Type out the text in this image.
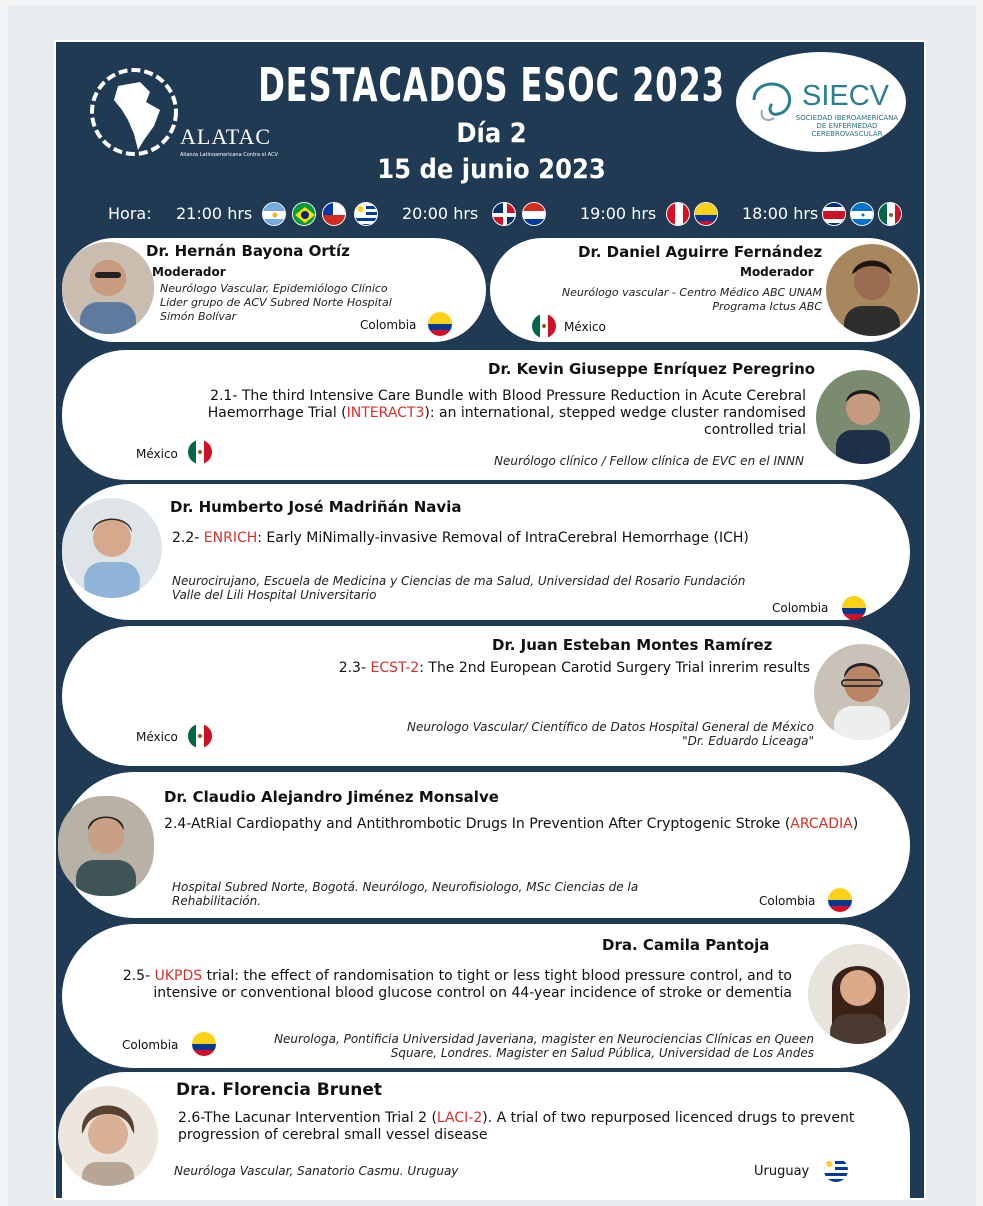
ALATAC
Alianza Latinoamericana Contra el ACV
SIECV
SOCIEDAD IBEROAMERICANA DE ENFERMEDAD CEREBROVASCULAR
DESTACADOS ESOC 2023
Día 2
15 de junio 2023
Hora: 21:00 hrs	20:00 hrs	19:00 hrs	18:00 hrs
Dr. Hernán Bayona Ortíz
Moderador
Neurólogo Vascular, Epidemiólogo Clínico Lider grupo de ACV Subred Norte Hospital Simón Bolívar
Colombia
Dr. Daniel Aguirre Fernández
Moderador
Neurólogo vascular - Centro Médico ABC UNAM Programa Ictus ABC
México
Dr. Kevin Giuseppe Enríquez Peregrino
2.1- The third Intensive Care Bundle with Blood Pressure Reduction in Acute Cerebral Haemorrhage Trial (INTERACT3): an international, stepped wedge cluster randomised controlled trial
México	Neurólogo clínico / Fellow clínica de EVC en el INNN
Dr. Humberto José Madriñán Navia
2.2- ENRICH: Early MiNimally-invasive Removal of IntraCerebral Hemorrhage (ICH)
Neurocirujano, Escuela de Medicina y Ciencias de ma Salud, Universidad del Rosario Fundación Valle del Lili Hospital Universitario
Colombia
Dr. Juan Esteban Montes Ramírez
2.3- ECST-2: The 2nd European Carotid Surgery Trial inrerim results
Neurologo Vascular/ Científico de Datos Hospital General de México "Dr. Eduardo Liceaga"
México
Dr. Claudio Alejandro Jiménez Monsalve
2.4-AtRial Cardiopathy and Antithrombotic Drugs In Prevention After Cryptogenic Stroke (ARCADIA)
Hospital Subred Norte, Bogotá. Neurólogo, Neurofisiologo, MSc Ciencias de la Rehabilitación.	Colombia
Dra. Camila Pantoja
2.5- UKPDS trial: the effect of randomisation to tight or less tight blood pressure control, and to intensive or conventional blood glucose control on 44-year incidence of stroke or dementia
Neurologa, Pontificia Universidad Javeriana, magister en Neurociencias Clínicas en Queen Square, Londres. Magister en Salud Pública, Universidad de Los Andes
Colombia
Dra. Florencia Brunet
2.6-The Lacunar Intervention Trial 2 (LACI-2). A trial of two repurposed licenced drugs to prevent progression of cerebral small vessel disease
Neuróloga Vascular, Sanatorio Casmu. Uruguay	Uruguay
